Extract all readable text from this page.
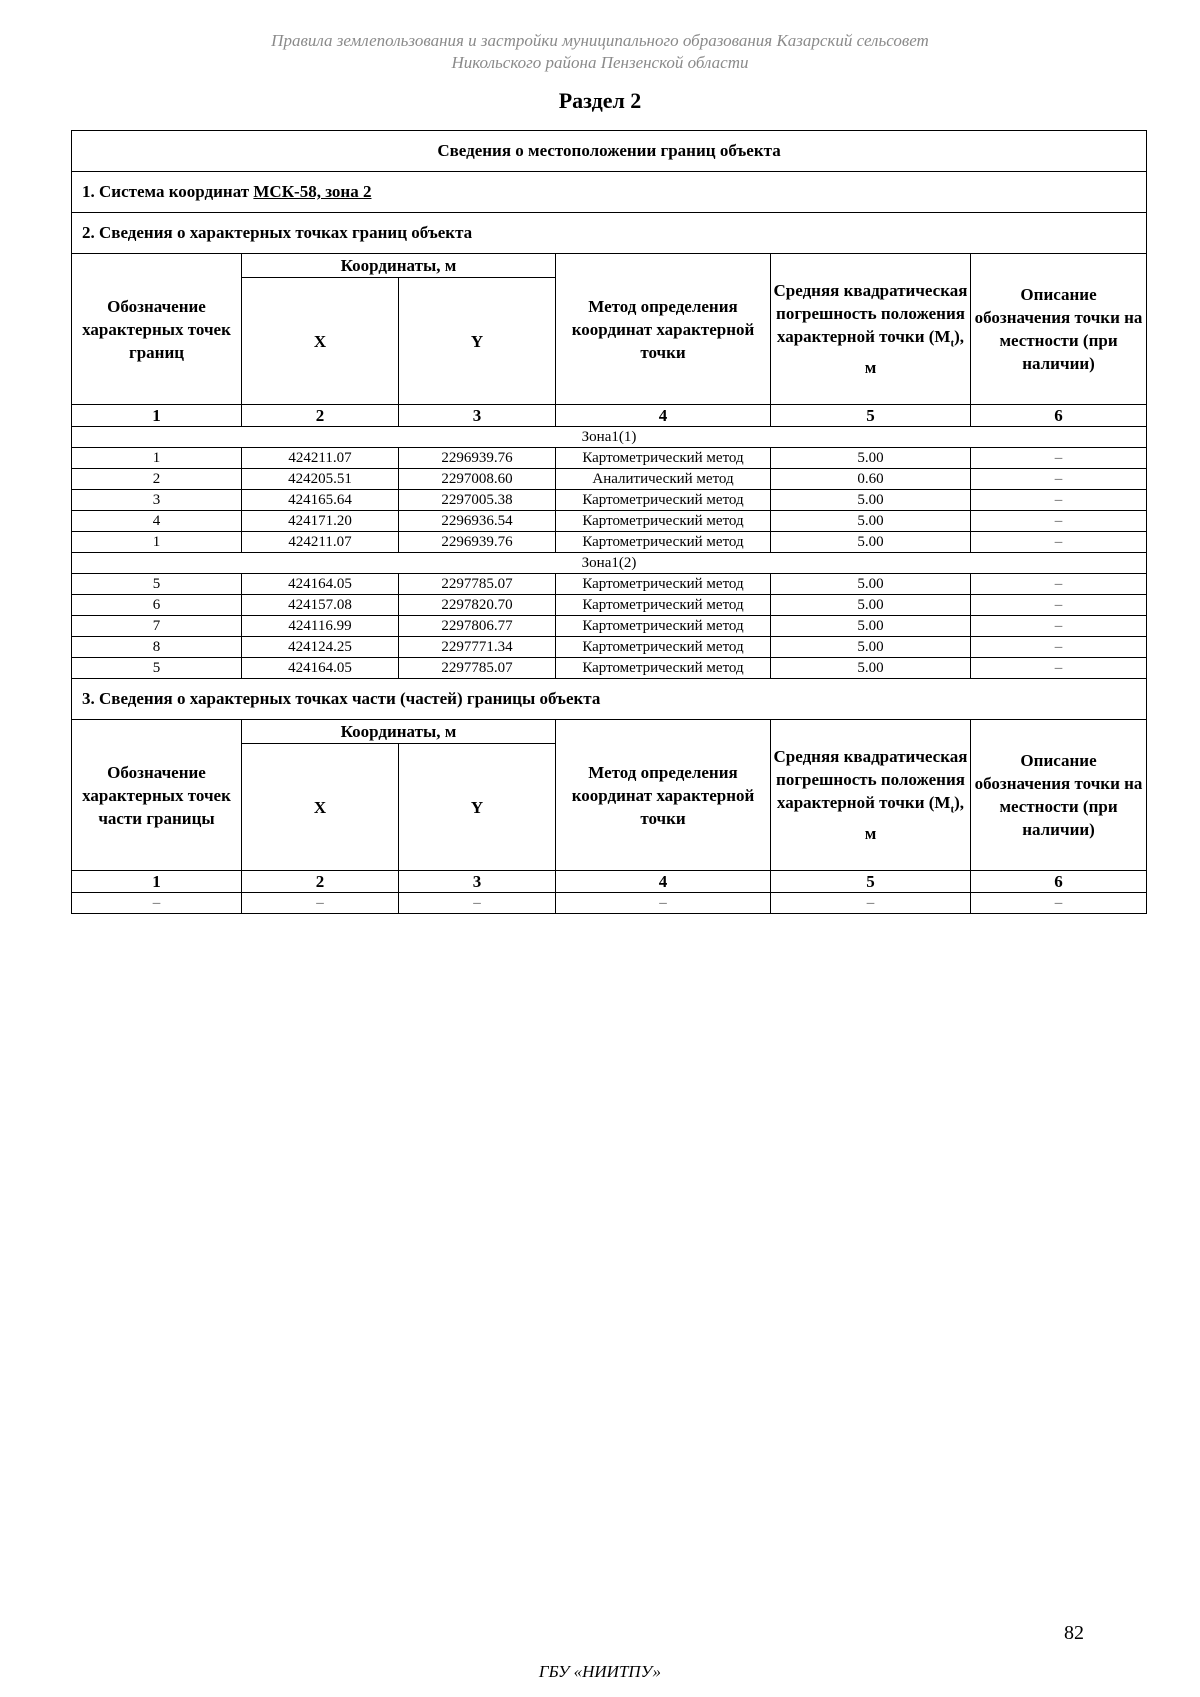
Правила землепользования и застройки муниципального образования Казарский сельсовет
Никольского района Пензенской области
Раздел 2
Сведения о местоположении границ объекта					
1. Система координат МСК-58, зона 2					
2. Сведения о характерных точках границ объекта					
Обозначение характерных точек границ	Координаты, м		Метод определения координат характерной точки	Средняя квадратическая погрешность положения характерной точки $(M_t)$, м	Описание обозначения точки на местности (при наличии)
	X	Y			
1	2	3	4	5	6
Зона1(1)					
1	424211.07	2296939.76	Картометрический метод	5.00	–
2	424205.51	2297008.60	Аналитический метод	0.60	–
3	424165.64	2297005.38	Картометрический метод	5.00	–
4	424171.20	2296936.54	Картометрический метод	5.00	–
1	424211.07	2296939.76	Картометрический метод	5.00	–
Зона1(2)					
5	424164.05	2297785.07	Картометрический метод	5.00	–
6	424157.08	2297820.70	Картометрический метод	5.00	–
7	424116.99	2297806.77	Картометрический метод	5.00	–
8	424124.25	2297771.34	Картометрический метод	5.00	–
5	424164.05	2297785.07	Картометрический метод	5.00	–
3. Сведения о характерных точках части (частей) границы объекта					
Обозначение характерных точек части границы	Координаты, м		Метод определения координат характерной точки	Средняя квадратическая погрешность положения характерной точки $(M_t)$, м	Описание обозначения точки на местности (при наличии)
	X	Y			
1	2	3	4	5	6
–	–	–	–	–	–
82
ГБУ «НИИТПУ»
